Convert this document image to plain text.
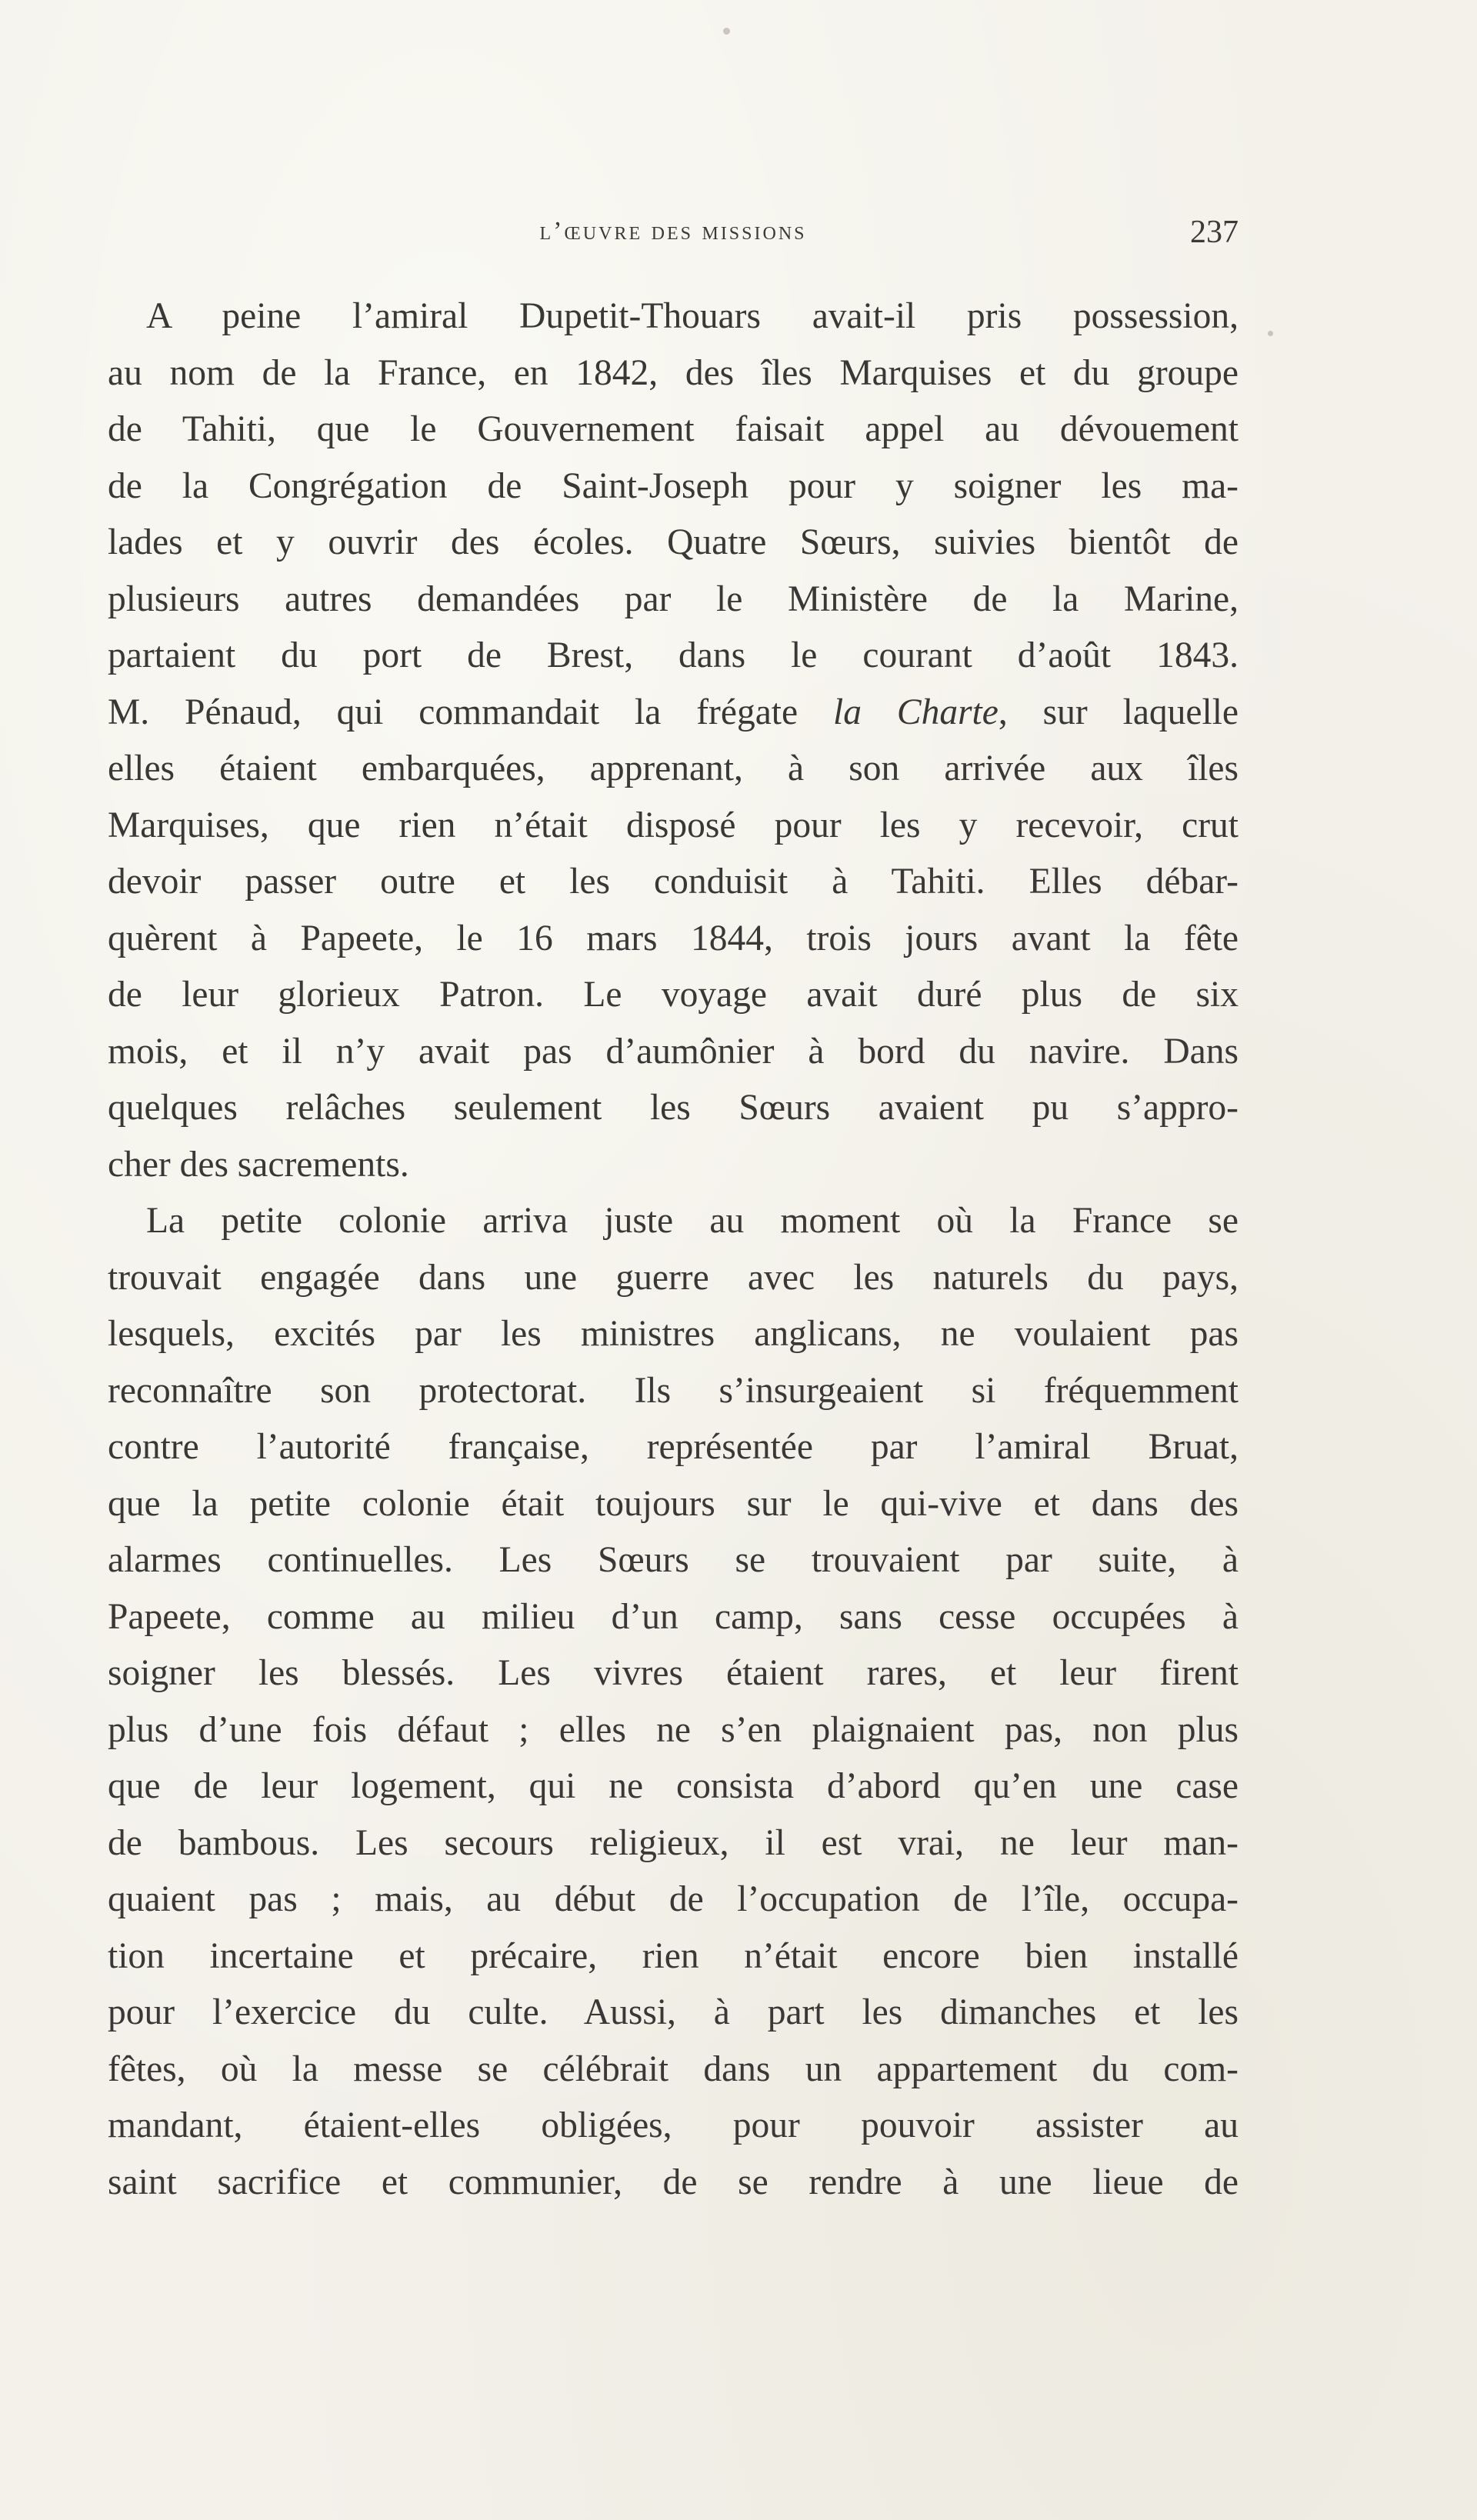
l’œuvre des missions	237
A peine l’amiral Dupetit-Thouars avait-il pris possession,
au nom de la France, en 1842, des îles Marquises et du groupe
de Tahiti, que le Gouvernement faisait appel au dévouement
de la Congrégation de Saint-Joseph pour y soigner les ma-
lades et y ouvrir des écoles. Quatre Sœurs, suivies bientôt de
plusieurs autres demandées par le Ministère de la Marine,
partaient du port de Brest, dans le courant d’août 1843.
M. Pénaud, qui commandait la frégate la Charte, sur laquelle
elles étaient embarquées, apprenant, à son arrivée aux îles
Marquises, que rien n’était disposé pour les y recevoir, crut
devoir passer outre et les conduisit à Tahiti. Elles débar-
quèrent à Papeete, le 16 mars 1844, trois jours avant la fête
de leur glorieux Patron. Le voyage avait duré plus de six
mois, et il n’y avait pas d’aumônier à bord du navire. Dans
quelques relâches seulement les Sœurs avaient pu s’appro-
cher des sacrements.
La petite colonie arriva juste au moment où la France se
trouvait engagée dans une guerre avec les naturels du pays,
lesquels, excités par les ministres anglicans, ne voulaient pas
reconnaître son protectorat. Ils s’insurgeaient si fréquemment
contre l’autorité française, représentée par l’amiral Bruat,
que la petite colonie était toujours sur le qui-vive et dans des
alarmes continuelles. Les Sœurs se trouvaient par suite, à
Papeete, comme au milieu d’un camp, sans cesse occupées à
soigner les blessés. Les vivres étaient rares, et leur firent
plus d’une fois défaut ; elles ne s’en plaignaient pas, non plus
que de leur logement, qui ne consista d’abord qu’en une case
de bambous. Les secours religieux, il est vrai, ne leur man-
quaient pas ; mais, au début de l’occupation de l’île, occupa-
tion incertaine et précaire, rien n’était encore bien installé
pour l’exercice du culte. Aussi, à part les dimanches et les
fêtes, où la messe se célébrait dans un appartement du com-
mandant, étaient-elles obligées, pour pouvoir assister au
saint sacrifice et communier, de se rendre à une lieue de
